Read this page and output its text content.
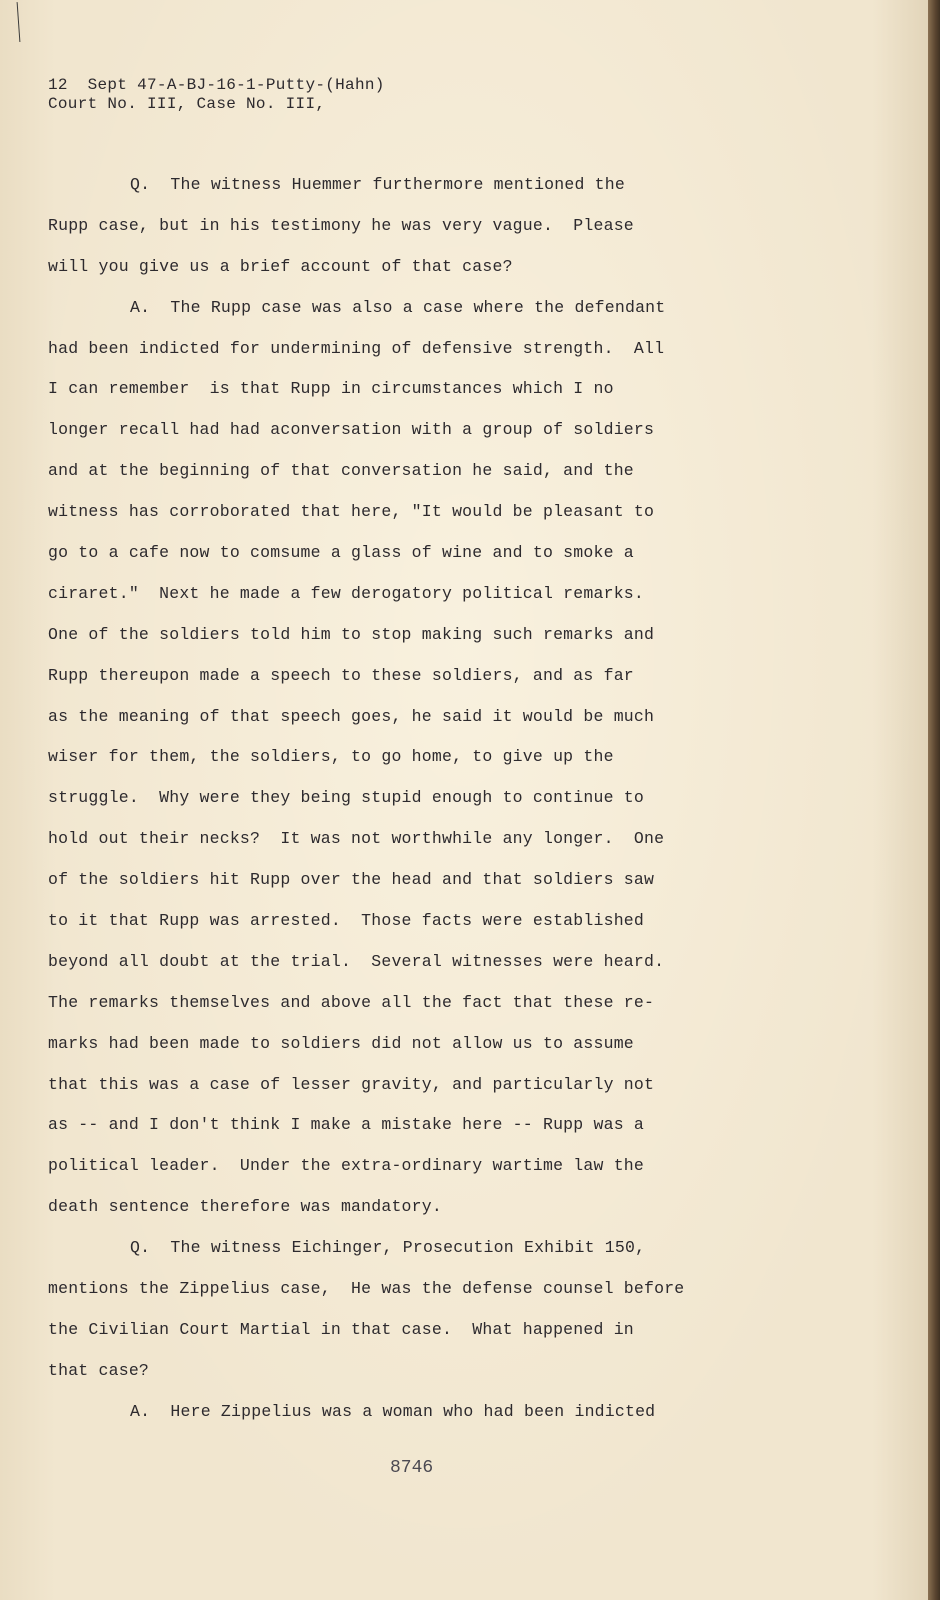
12  Sept 47-A-BJ-16-1-Putty-(Hahn)
Court No. III, Case No. III,
Q.  The witness Huemmer furthermore mentioned the
Rupp case, but in his testimony he was very vague.  Please
will you give us a brief account of that case?
A.  The Rupp case was also a case where the defendant
had been indicted for undermining of defensive strength.  All
I can remember  is that Rupp in circumstances which I no
longer recall had had aconversation with a group of soldiers
and at the beginning of that conversation he said, and the
witness has corroborated that here, "It would be pleasant to
go to a cafe now to comsume a glass of wine and to smoke a
ciraret."  Next he made a few derogatory political remarks.
One of the soldiers told him to stop making such remarks and
Rupp thereupon made a speech to these soldiers, and as far
as the meaning of that speech goes, he said it would be much
wiser for them, the soldiers, to go home, to give up the
struggle.  Why were they being stupid enough to continue to
hold out their necks?  It was not worthwhile any longer.  One
of the soldiers hit Rupp over the head and that soldiers saw
to it that Rupp was arrested.  Those facts were established
beyond all doubt at the trial.  Several witnesses were heard.
The remarks themselves and above all the fact that these re-
marks had been made to soldiers did not allow us to assume
that this was a case of lesser gravity, and particularly not
as -- and I don't think I make a mistake here -- Rupp was a
political leader.  Under the extra-ordinary wartime law the
death sentence therefore was mandatory.
Q.  The witness Eichinger, Prosecution Exhibit 150,
mentions the Zippelius case,  He was the defense counsel before
the Civilian Court Martial in that case.  What happened in
that case?
A.  Here Zippelius was a woman who had been indicted
8746
